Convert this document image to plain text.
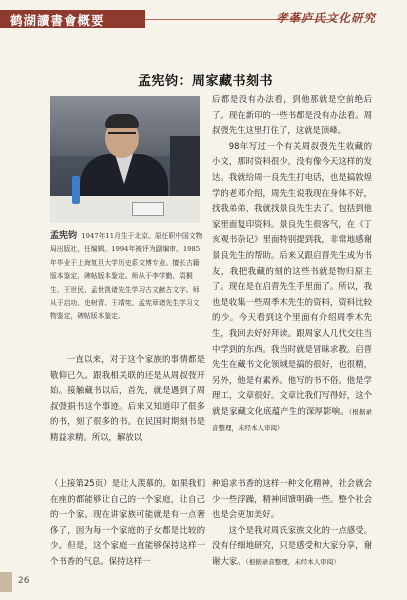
鹤湖讀書會概要	孝莑庐氏文化研究
孟宪钧：周家藏书刻书
孟宪钧 1947年11月生于北京。原任职中国文物局出版社，任编辑。1994年被评为副编审。1985年毕业于上海复旦大学历史系文博专业。擅长古籍版本鉴定、碑帖版本鉴定。师从于李学勤、袁桐生、王世民、孟世凯诸先生学习古文献古文字。师从于启功、史树青、王靖宪、孟宪章诸先生学习文物鉴定，碑帖版本鉴定。

一直以来，对于这个家族的事情都是敬仰已久。跟我相关联的还是从周叔弢开始。接触藏书以后，首先，就是遇到了周叔弢捐书这个事迹。后来又知道印了很多的书，刻了很多的书。在民国时期刻书是精益求精。所以，解放以

（上接第25页）是让人羡慕的。如果我们在座的都能够让自己的一个家庭，让自己的一个家。现在讲家族可能就是有一点奢侈了，因为每一个家庭的子女都是比较的少。但是，这个家庭一直能够保持这样一个书香的气息。保持这样一

后都是没有办法看，到他那就是空前绝后了。现在新印的一些书都是没有办法看。周叔弢先生这里打住了，这就是顶峰。

98年写过一个有关周叔弢先生收藏的小文，那时资料很少，没有像今天这样的发达。我就给周一良先生打电话，也是搞敦煌学的老邓介绍，周先生说我现在身体不好，找我弟弟，我就找景良先生去了。包括到他家里面复印资料。景良先生很客气，在《丁亥观书杂记》里面特别提到我，非常地感谢景良先生的帮助。后来又跟启晋先生成为书友，我把我藏的刻的这些书就是物归原主了。现在是在启晋先生手里面了。所以，我也是收集一些周季木先生的资料，资料比较的少。今天看到这个里面有介绍周季木先生，我回去好好拜读。跟周家人几代交往当中学到的东西。我当时就是冒昧求教。启晋先生在藏书文化领域是搞的很好，也很精，另外，他是有素养。他写的书不俗。他是学理工，文章很好。文章比我们写得好，这个就是家藏文化底蕴产生的深厚影响。（根据录音整理，未经本人审阅）

种追求书香的这样一种文化精神，社会就会少一些浮躁，精神回馈明确一些。整个社会也是会更加美好。

这个是我对周氏家族文化的一点感受。没有仔细地研究，只是感受和大家分享，谢谢大家。（根据录音整理，未经本人审阅）

26
